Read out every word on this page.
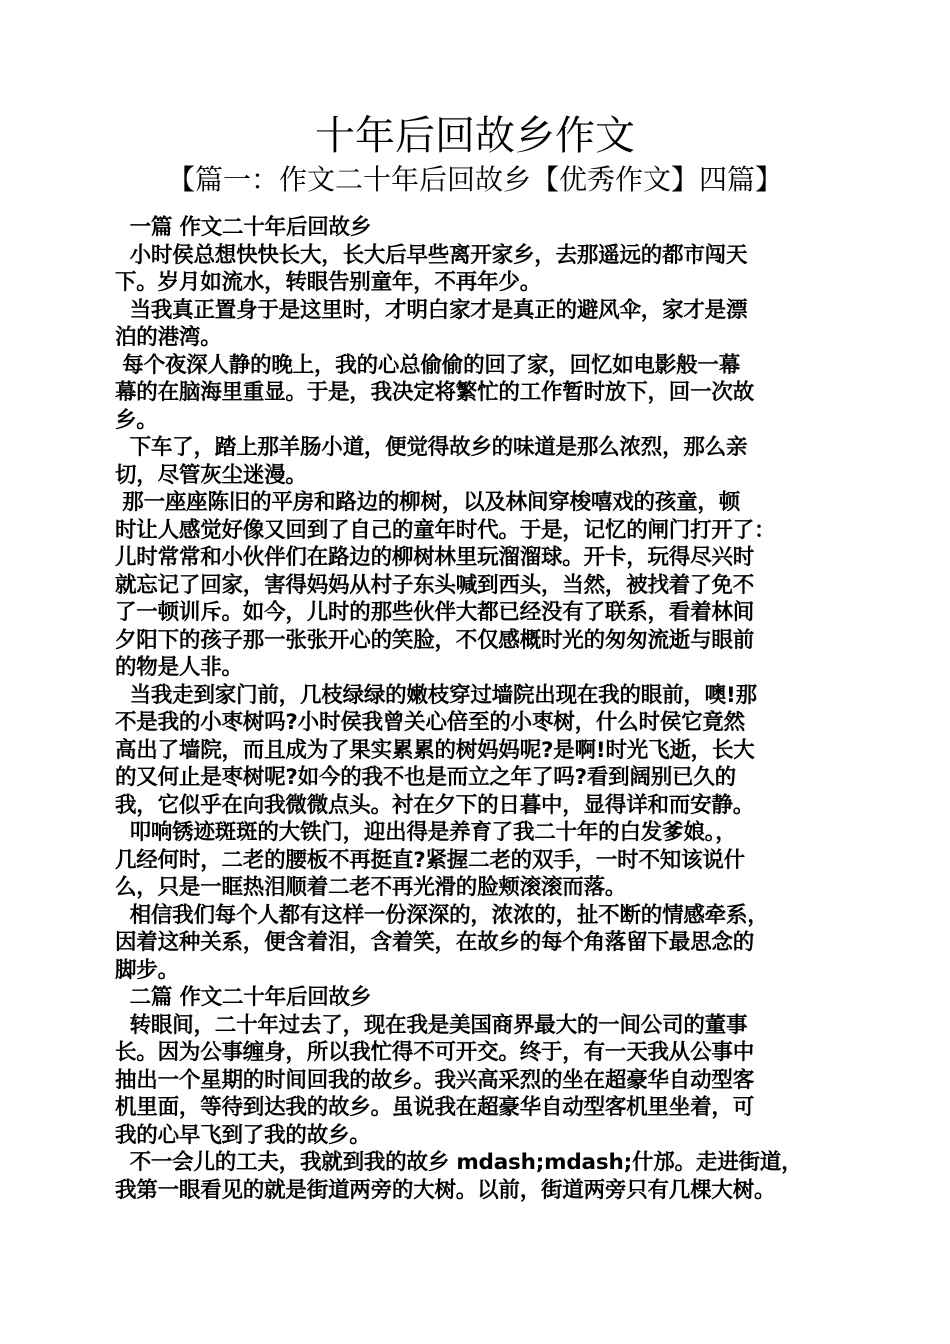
十年后回故乡作文
【篇一：作文二十年后回故乡【优秀作文】四篇】
一篇 作文二十年后回故乡
小时侯总想快快长大，长大后早些离开家乡，去那遥远的都市闯天
下。岁月如流水，转眼告别童年，不再年少。
当我真正置身于是这里时，才明白家才是真正的避风伞，家才是漂
泊的港湾。
每个夜深人静的晚上，我的心总偷偷的回了家，回忆如电影般一幕
幕的在脑海里重显。于是，我决定将繁忙的工作暂时放下，回一次故
乡。
下车了，踏上那羊肠小道，便觉得故乡的味道是那么浓烈，那么亲
切，尽管灰尘迷漫。
那一座座陈旧的平房和路边的柳树，以及林间穿梭嘻戏的孩童，顿
时让人感觉好像又回到了自己的童年时代。于是，记忆的闸门打开了：
儿时常常和小伙伴们在路边的柳树林里玩溜溜球。开卡，玩得尽兴时
就忘记了回家，害得妈妈从村子东头喊到西头，当然，被找着了免不
了一顿训斥。如今，儿时的那些伙伴大都已经没有了联系，看着林间
夕阳下的孩子那一张张开心的笑脸，不仅感概时光的匆匆流逝与眼前
的物是人非。
当我走到家门前，几枝绿绿的嫩枝穿过墙院出现在我的眼前，噢!那
不是我的小枣树吗?小时侯我曾关心倍至的小枣树，什么时侯它竟然
高出了墙院，而且成为了果实累累的树妈妈呢?是啊!时光飞逝，长大
的又何止是枣树呢?如今的我不也是而立之年了吗?看到阔别已久的
我，它似乎在向我微微点头。衬在夕下的日暮中，显得详和而安静。
叩响锈迹斑斑的大铁门，迎出得是养育了我二十年的白发爹娘。，
几经何时，二老的腰板不再挺直?紧握二老的双手，一时不知该说什
么，只是一眶热泪顺着二老不再光滑的脸颊滚滚而落。
相信我们每个人都有这样一份深深的，浓浓的，扯不断的情感牵系，
因着这种关系，便含着泪，含着笑，在故乡的每个角落留下最思念的
脚步。
二篇 作文二十年后回故乡
转眼间，二十年过去了，现在我是美国商界最大的一间公司的董事
长。因为公事缠身，所以我忙得不可开交。终于，有一天我从公事中
抽出一个星期的时间回我的故乡。我兴高采烈的坐在超豪华自动型客
机里面，等待到达我的故乡。虽说我在超豪华自动型客机里坐着，可
我的心早飞到了我的故乡。
不一会儿的工夫，我就到我的故乡 mdash;mdash;什邡。走进街道，
我第一眼看见的就是街道两旁的大树。以前，街道两旁只有几棵大树。
